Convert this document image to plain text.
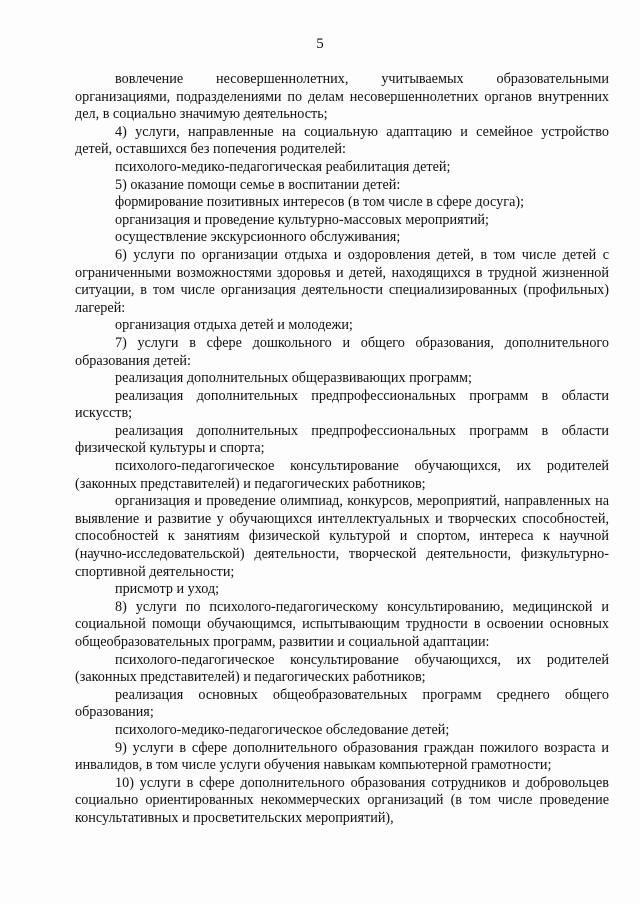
5

вовлечение несовершеннолетних, учитываемых образовательными организациями, подразделениями по делам несовершеннолетних органов внутренних дел, в социально значимую деятельность;

4) услуги, направленные на социальную адаптацию и семейное устройство детей, оставшихся без попечения родителей:

психолого-медико-педагогическая реабилитация детей;

5) оказание помощи семье в воспитании детей:

формирование позитивных интересов (в том числе в сфере досуга);

организация и проведение культурно-массовых мероприятий;

осуществление экскурсионного обслуживания;

6) услуги по организации отдыха и оздоровления детей, в том числе детей с ограниченными возможностями здоровья и детей, находящихся в трудной жизненной ситуации, в том числе организация деятельности специализированных (профильных) лагерей:

организация отдыха детей и молодежи;

7) услуги в сфере дошкольного и общего образования, дополнительного образования детей:

реализация дополнительных общеразвивающих программ;

реализация дополнительных предпрофессиональных программ в области искусств;

реализация дополнительных предпрофессиональных программ в области физической культуры и спорта;

психолого-педагогическое консультирование обучающихся, их родителей (законных представителей) и педагогических работников;

организация и проведение олимпиад, конкурсов, мероприятий, направленных на выявление и развитие у обучающихся интеллектуальных и творческих способностей, способностей к занятиям физической культурой и спортом, интереса к научной (научно-исследовательской) деятельности, творческой деятельности, физкультурно-спортивной деятельности;

присмотр и уход;

8) услуги по психолого-педагогическому консультированию, медицинской и социальной помощи обучающимся, испытывающим трудности в освоении основных общеобразовательных программ, развитии и социальной адаптации:

психолого-педагогическое консультирование обучающихся, их родителей (законных представителей) и педагогических работников;

реализация основных общеобразовательных программ среднего общего образования;

психолого-медико-педагогическое обследование детей;

9) услуги в сфере дополнительного образования граждан пожилого возраста и инвалидов, в том числе услуги обучения навыкам компьютерной грамотности;

10) услуги в сфере дополнительного образования сотрудников и добровольцев социально ориентированных некоммерческих организаций (в том числе проведение консультативных и просветительских мероприятий),
